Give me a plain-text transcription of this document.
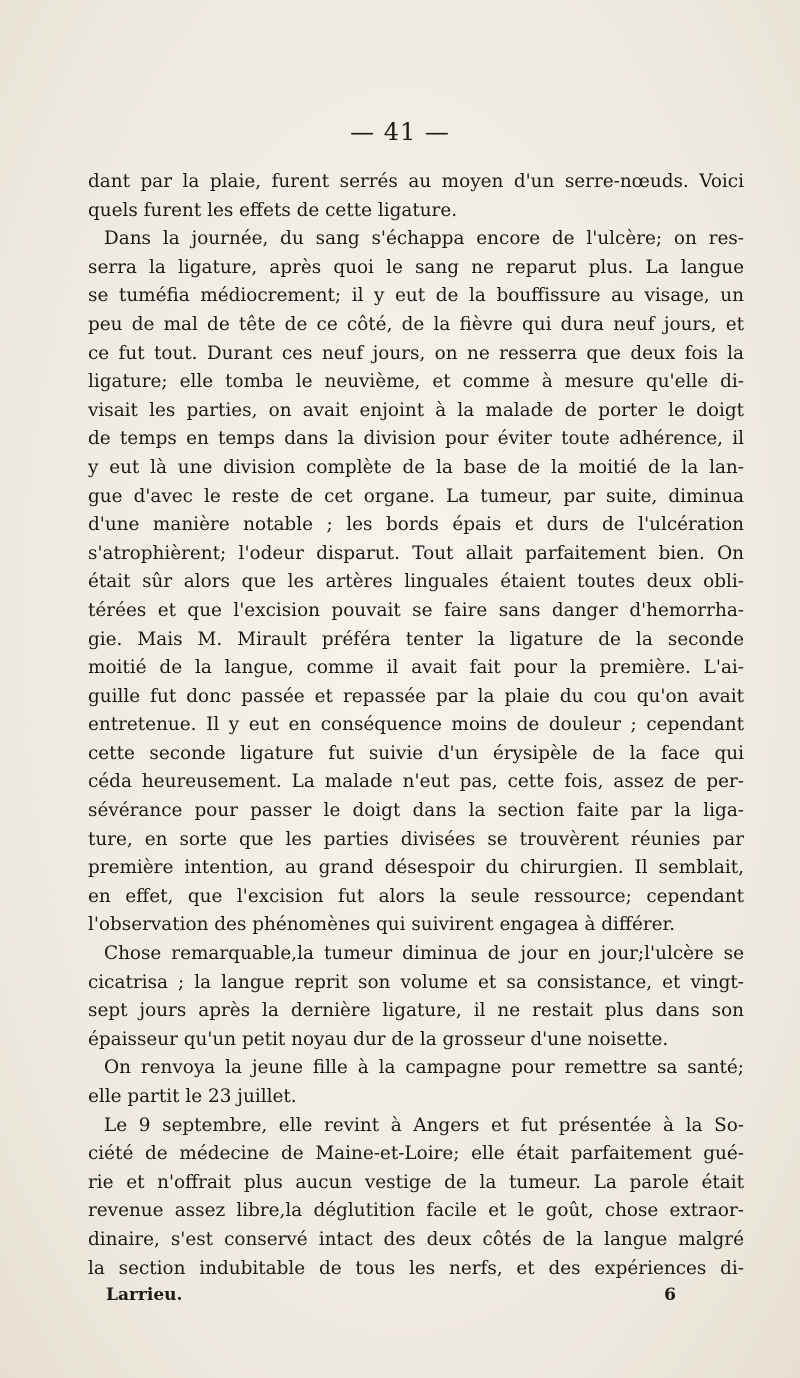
— 41 —
dant par la plaie, furent serrés au moyen d'un serre-nœuds. Voici
quels furent les effets de cette ligature.
Dans la journée, du sang s'échappa encore de l'ulcère; on res-
serra la ligature, après quoi le sang ne reparut plus. La langue
se tuméfia médiocrement; il y eut de la bouffissure au visage, un
peu de mal de tête de ce côté, de la fièvre qui dura neuf jours, et
ce fut tout. Durant ces neuf jours, on ne resserra que deux fois la
ligature; elle tomba le neuvième, et comme à mesure qu'elle di-
visait les parties, on avait enjoint à la malade de porter le doigt
de temps en temps dans la division pour éviter toute adhérence, il
y eut là une division complète de la base de la moitié de la lan-
gue d'avec le reste de cet organe. La tumeur, par suite, diminua
d'une manière notable ; les bords épais et durs de l'ulcération
s'atrophièrent; l'odeur disparut. Tout allait parfaitement bien. On
était sûr alors que les artères linguales étaient toutes deux obli-
térées et que l'excision pouvait se faire sans danger d'hemorrha-
gie. Mais M. Mirault préféra tenter la ligature de la seconde
moitié de la langue, comme il avait fait pour la première. L'ai-
guille fut donc passée et repassée par la plaie du cou qu'on avait
entretenue. Il y eut en conséquence moins de douleur ; cependant
cette seconde ligature fut suivie d'un érysipèle de la face qui
céda heureusement. La malade n'eut pas, cette fois, assez de per-
sévérance pour passer le doigt dans la section faite par la liga-
ture, en sorte que les parties divisées se trouvèrent réunies par
première intention, au grand désespoir du chirurgien. Il semblait,
en effet, que l'excision fut alors la seule ressource; cependant
l'observation des phénomènes qui suivirent engagea à différer.
Chose remarquable,la tumeur diminua de jour en jour;l'ulcère se
cicatrisa ; la langue reprit son volume et sa consistance, et vingt-
sept jours après la dernière ligature, il ne restait plus dans son
épaisseur qu'un petit noyau dur de la grosseur d'une noisette.
On renvoya la jeune fille à la campagne pour remettre sa santé;
elle partit le 23 juillet.
Le 9 septembre, elle revint à Angers et fut présentée à la So-
ciété de médecine de Maine-et-Loire; elle était parfaitement gué-
rie et n'offrait plus aucun vestige de la tumeur. La parole était
revenue assez libre,la déglutition facile et le goût, chose extraor-
dinaire, s'est conservé intact des deux côtés de la langue malgré
la section indubitable de tous les nerfs, et des expériences di-
Larrieu.	6
